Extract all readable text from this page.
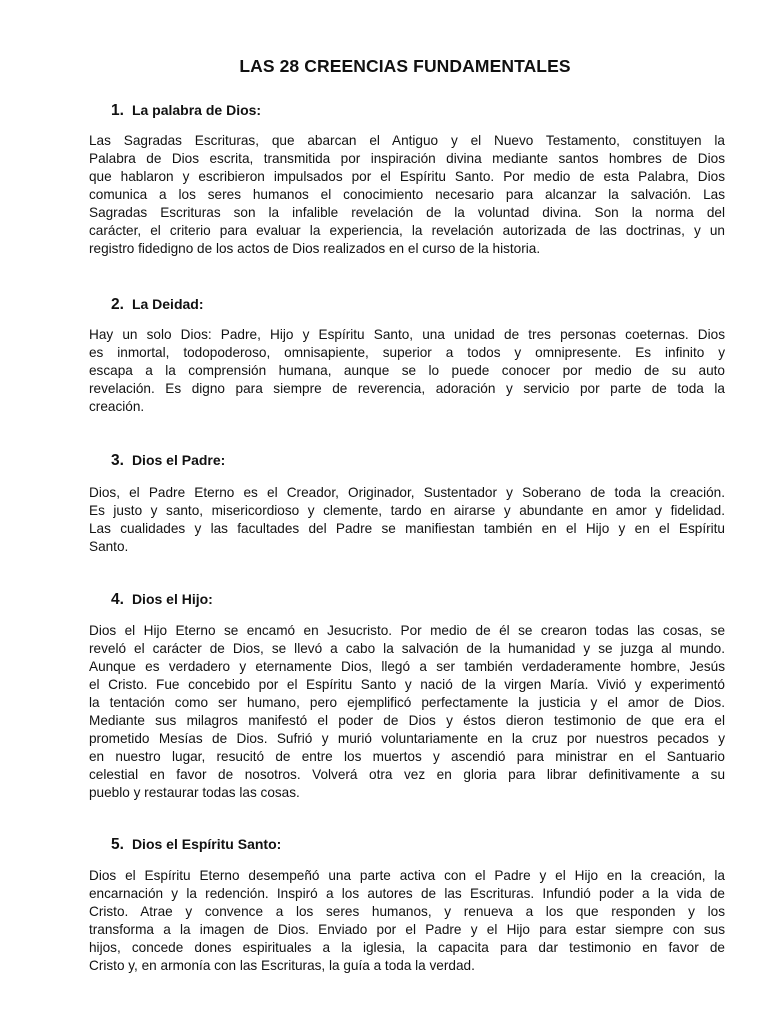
LAS 28 CREENCIAS FUNDAMENTALES
1. La palabra de Dios:
Las Sagradas Escrituras, que abarcan el Antiguo y el Nuevo Testamento, constituyen la
Palabra de Dios escrita, transmitida por inspiración divina mediante santos hombres de Dios
que hablaron y escribieron impulsados por el Espíritu Santo. Por medio de esta Palabra, Dios
comunica a los seres humanos el conocimiento necesario para alcanzar la salvación. Las
Sagradas Escrituras son la infalible revelación de la voluntad divina. Son la norma del
carácter, el criterio para evaluar la experiencia, la revelación autorizada de las doctrinas, y un
registro fidedigno de los actos de Dios realizados en el curso de la historia.
2. La Deidad:
Hay un solo Dios: Padre, Hijo y Espíritu Santo, una unidad de tres personas coeternas. Dios
es inmortal, todopoderoso, omnisapiente, superior a todos y omnipresente. Es infinito y
escapa a la comprensión humana, aunque se lo puede conocer por medio de su auto
revelación. Es digno para siempre de reverencia, adoración y servicio por parte de toda la
creación.
3. Dios el Padre:
Dios, el Padre Eterno es el Creador, Originador, Sustentador y Soberano de toda la creación.
Es justo y santo, misericordioso y clemente, tardo en airarse y abundante en amor y fidelidad.
Las cualidades y las facultades del Padre se manifiestan también en el Hijo y en el Espíritu
Santo.
4. Dios el Hijo:
Dios el Hijo Eterno se encamó en Jesucristo. Por medio de él se crearon todas las cosas, se
reveló el carácter de Dios, se llevó a cabo la salvación de la humanidad y se juzga al mundo.
Aunque es verdadero y eternamente Dios, llegó a ser también verdaderamente hombre, Jesús
el Cristo. Fue concebido por el Espíritu Santo y nació de la virgen María. Vivió y experimentó
la tentación como ser humano, pero ejemplificó perfectamente la justicia y el amor de Dios.
Mediante sus milagros manifestó el poder de Dios y éstos dieron testimonio de que era el
prometido Mesías de Dios. Sufrió y murió voluntariamente en la cruz por nuestros pecados y
en nuestro lugar, resucitó de entre los muertos y ascendió para ministrar en el Santuario
celestial en favor de nosotros. Volverá otra vez en gloria para librar definitivamente a su
pueblo y restaurar todas las cosas.
5. Dios el Espíritu Santo:
Dios el Espíritu Eterno desempeñó una parte activa con el Padre y el Hijo en la creación, la
encarnación y la redención. Inspiró a los autores de las Escrituras. Infundió poder a la vida de
Cristo. Atrae y convence a los seres humanos, y renueva a los que responden y los
transforma a la imagen de Dios. Enviado por el Padre y el Hijo para estar siempre con sus
hijos, concede dones espirituales a la iglesia, la capacita para dar testimonio en favor de
Cristo y, en armonía con las Escrituras, la guía a toda la verdad.
